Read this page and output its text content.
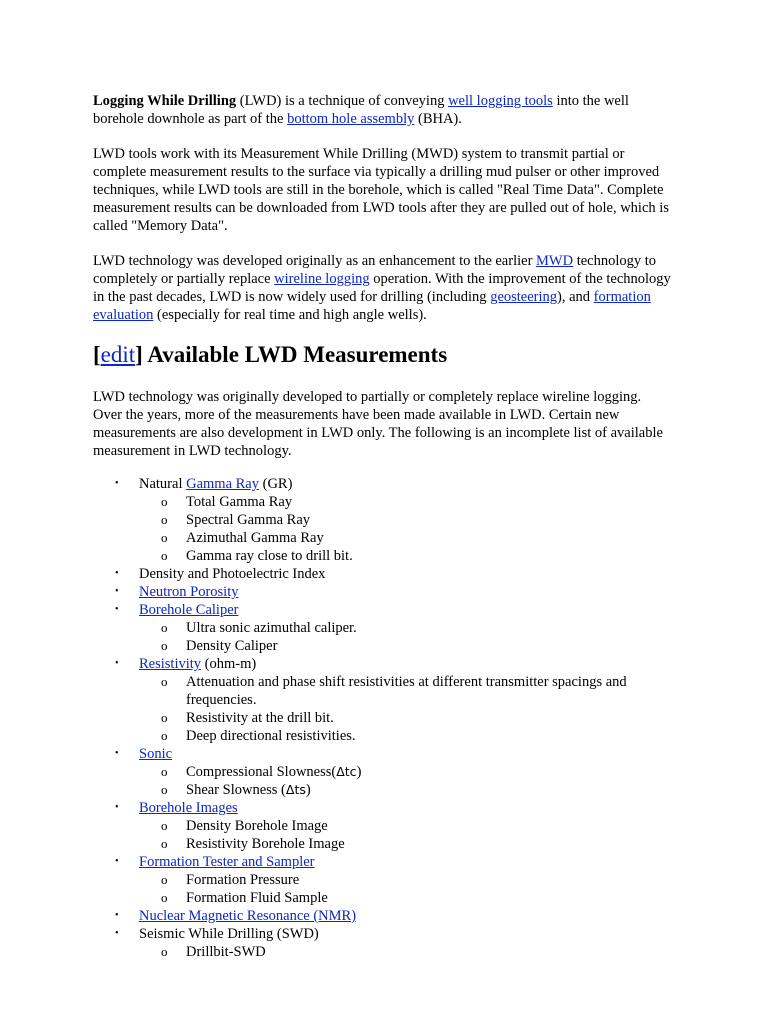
Logging While Drilling (LWD) is a technique of conveying well logging tools into the well borehole downhole as part of the bottom hole assembly (BHA).

LWD tools work with its Measurement While Drilling (MWD) system to transmit partial or complete measurement results to the surface via typically a drilling mud pulser or other improved techniques, while LWD tools are still in the borehole, which is called "Real Time Data". Complete measurement results can be downloaded from LWD tools after they are pulled out of hole, which is called "Memory Data".

LWD technology was developed originally as an enhancement to the earlier MWD technology to completely or partially replace wireline logging operation. With the improvement of the technology in the past decades, LWD is now widely used for drilling (including geosteering), and formation evaluation (especially for real time and high angle wells).

[edit] Available LWD Measurements

LWD technology was originally developed to partially or completely replace wireline logging. Over the years, more of the measurements have been made available in LWD. Certain new measurements are also development in LWD only. The following is an incomplete list of available measurement in LWD technology.

• Natural Gamma Ray (GR)
o Total Gamma Ray
o Spectral Gamma Ray
o Azimuthal Gamma Ray
o Gamma ray close to drill bit.
• Density and Photoelectric Index
• Neutron Porosity
• Borehole Caliper
o Ultra sonic azimuthal caliper.
o Density Caliper
• Resistivity (ohm-m)
o Attenuation and phase shift resistivities at different transmitter spacings and frequencies.
o Resistivity at the drill bit.
o Deep directional resistivities.
• Sonic
o Compressional Slowness(Δtc)
o Shear Slowness (Δts)
• Borehole Images
o Density Borehole Image
o Resistivity Borehole Image
• Formation Tester and Sampler
o Formation Pressure
o Formation Fluid Sample
• Nuclear Magnetic Resonance (NMR)
• Seismic While Drilling (SWD)
o Drillbit-SWD
